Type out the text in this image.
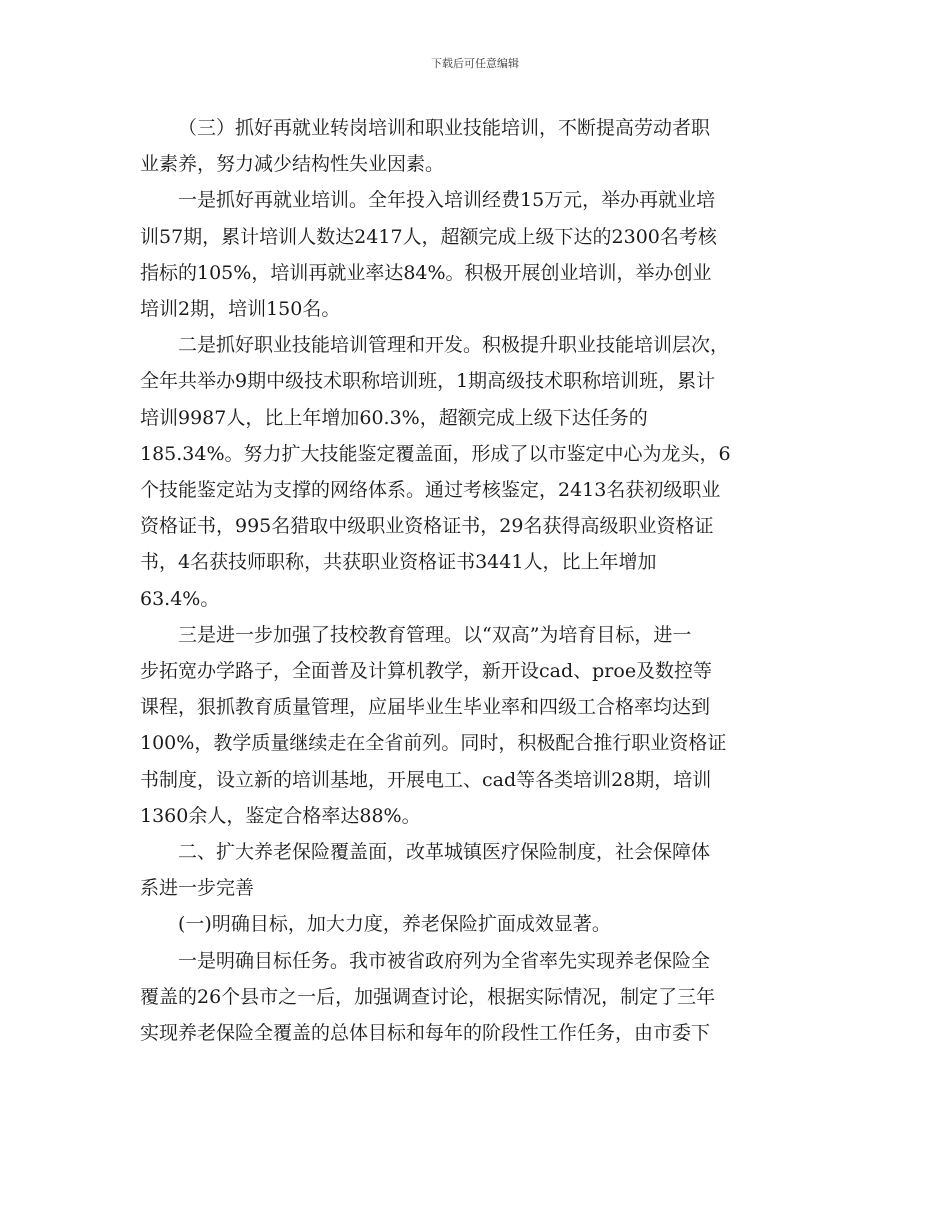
下载后可任意编辑

（三）抓好再就业转岗培训和职业技能培训，不断提高劳动者职
业素养，努力减少结构性失业因素。

一是抓好再就业培训。全年投入培训经费15万元，举办再就业培
训57期，累计培训人数达2417人，超额完成上级下达的2300名考核
指标的105%，培训再就业率达84%。积极开展创业培训，举办创业
培训2期，培训150名。

二是抓好职业技能培训管理和开发。积极提升职业技能培训层次，
全年共举办9期中级技术职称培训班，1期高级技术职称培训班，累计
培训9987人，比上年增加60.3%，超额完成上级下达任务的
185.34%。努力扩大技能鉴定覆盖面，形成了以市鉴定中心为龙头，6
个技能鉴定站为支撑的网络体系。通过考核鉴定，2413名获初级职业
资格证书，995名猎取中级职业资格证书，29名获得高级职业资格证
书，4名获技师职称，共获职业资格证书3441人，比上年增加
63.4%。

三是进一步加强了技校教育管理。以“双高”为培育目标，进一
步拓宽办学路子，全面普及计算机教学，新开设cad、proe及数控等
课程，狠抓教育质量管理，应届毕业生毕业率和四级工合格率均达到
100%，教学质量继续走在全省前列。同时，积极配合推行职业资格证
书制度，设立新的培训基地，开展电工、cad等各类培训28期，培训
1360余人，鉴定合格率达88%。

二、扩大养老保险覆盖面，改革城镇医疗保险制度，社会保障体
系进一步完善

(一)明确目标，加大力度，养老保险扩面成效显著。

一是明确目标任务。我市被省政府列为全省率先实现养老保险全
覆盖的26个县市之一后，加强调查讨论，根据实际情况，制定了三年
实现养老保险全覆盖的总体目标和每年的阶段性工作任务，由市委下
